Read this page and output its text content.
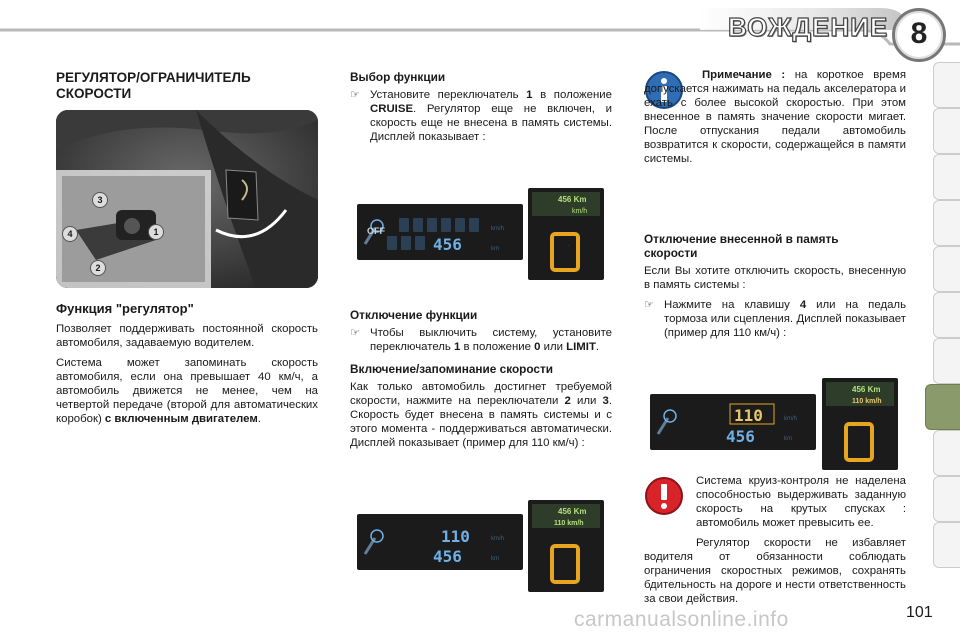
ВОЖДЕНИЕ 8
РЕГУЛЯТОР/ОГРАНИЧИТЕЛЬ
СКОРОСТИ
3
4	1
2
Функция "регулятор"

Позволяет поддерживать постоянной скорость автомобиля, задаваемую водителем.

Система может запоминать скорость автомобиля, если она превышает 40 км/ч, а автомобиль движется не менее, чем на четвертой передаче (второй для автоматических коробок) с включенным двигателем.

Выбор функции
☞ Установите переключатель 1 в положение CRUISE. Регулятор еще не включен, и скорость еще не внесена в память системы. Дисплей показывает :
OFF
456
km/h
km
456 Km
km/h
D
Отключение функции
☞ Чтобы выключить систему, установите переключатель 1 в положение 0 или LIMIT.
Включение/запоминание скорости

Как только автомобиль достигнет требуемой скорости, нажмите на переключатели 2 или 3. Скорость будет внесена в память системы и с этого момента - поддерживаться автоматически. Дисплей показывает (пример для 110 км/ч) :

110
456
km/h
km
456 Km
110 km/h

Примечание : на короткое время допускается нажимать на педаль акселератора и ехать с более высокой скоростью. При этом внесенное в память значение скорости мигает. После отпускания педали автомобиль возвратится к скорости, содержащейся в памяти системы.

Отключение внесенной в память
скорости

Если Вы хотите отключить скорость, внесенную в память системы :

☞ Нажмите на клавишу 4 или на педаль тормоза или сцепления. Дисплей показывает (пример для 110 км/ч) :
110
456
km/h
km
456 Km
110 km/h

Система круиз-контроля не наделена способностью выдерживать заданную скорость на крутых спусках : автомобиль может превысить ее.

Регулятор скорости не избавляет водителя от обязанности соблюдать ограничения скоростных режимов, сохранять бдительность на дороге и нести ответственность за свои действия.

carmanualsonline.info	101
